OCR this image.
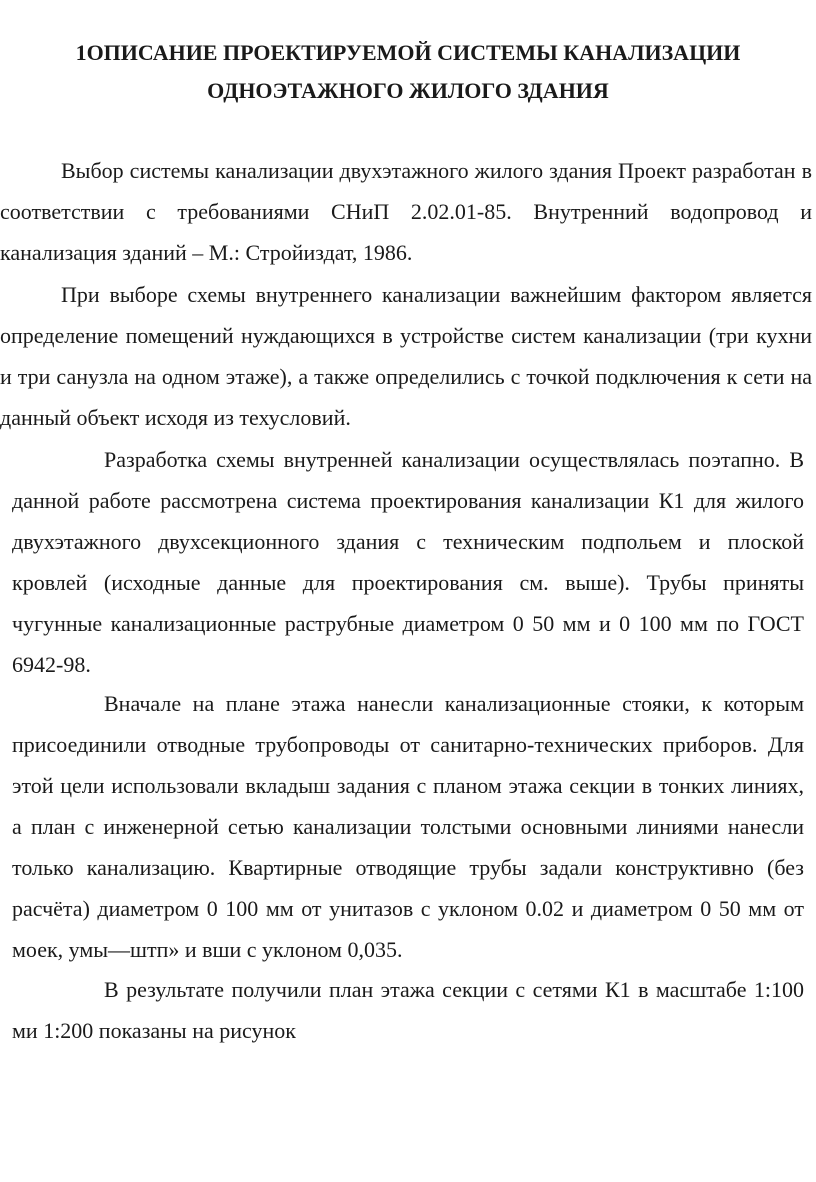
1ОПИСАНИЕ ПРОЕКТИРУЕМОЙ СИСТЕМЫ КАНАЛИЗАЦИИ
ОДНОЭТАЖНОГО ЖИЛОГО ЗДАНИЯ

Выбор системы канализации двухэтажного жилого здания Проект разработан в соответствии с требованиями СНиП 2.02.01-85. Внутренний водопровод и канализация зданий – М.: Стройиздат, 1986.

При выборе схемы внутреннего канализации важнейшим фактором является определение помещений нуждающихся в устройстве систем канализации (три кухни и три санузла на одном этаже), а также определились с точкой подключения к сети на данный объект исходя из техусловий.

Разработка схемы внутренней канализации осуществлялась поэтапно. В данной работе рассмотрена система проектирования канализации К1 для жилого двухэтажного двухсекционного здания с техническим подпольем и плоской кровлей (исходные данные для проектирования см. выше). Трубы приняты чугунные канализационные раструбные диаметром 0 50 мм и 0 100 мм по ГОСТ 6942-98.

Вначале на плане этажа нанесли канализационные стояки, к которым присоединили отводные трубопроводы от санитарно-технических приборов. Для этой цели использовали вкладыш задания с планом этажа секции в тонких линиях, а план с инженерной сетью канализации толстыми основными линиями нанесли только канализацию. Квартирные отводящие трубы задали конструктивно (без расчёта) диаметром 0 100 мм от унитазов с уклоном 0.02 и диаметром 0 50 мм от моек, умы—штп» и вши с уклоном 0,035.

В результате получили план этажа секции с сетями К1 в масштабе 1:100 ми 1:200 показаны на рисунок
